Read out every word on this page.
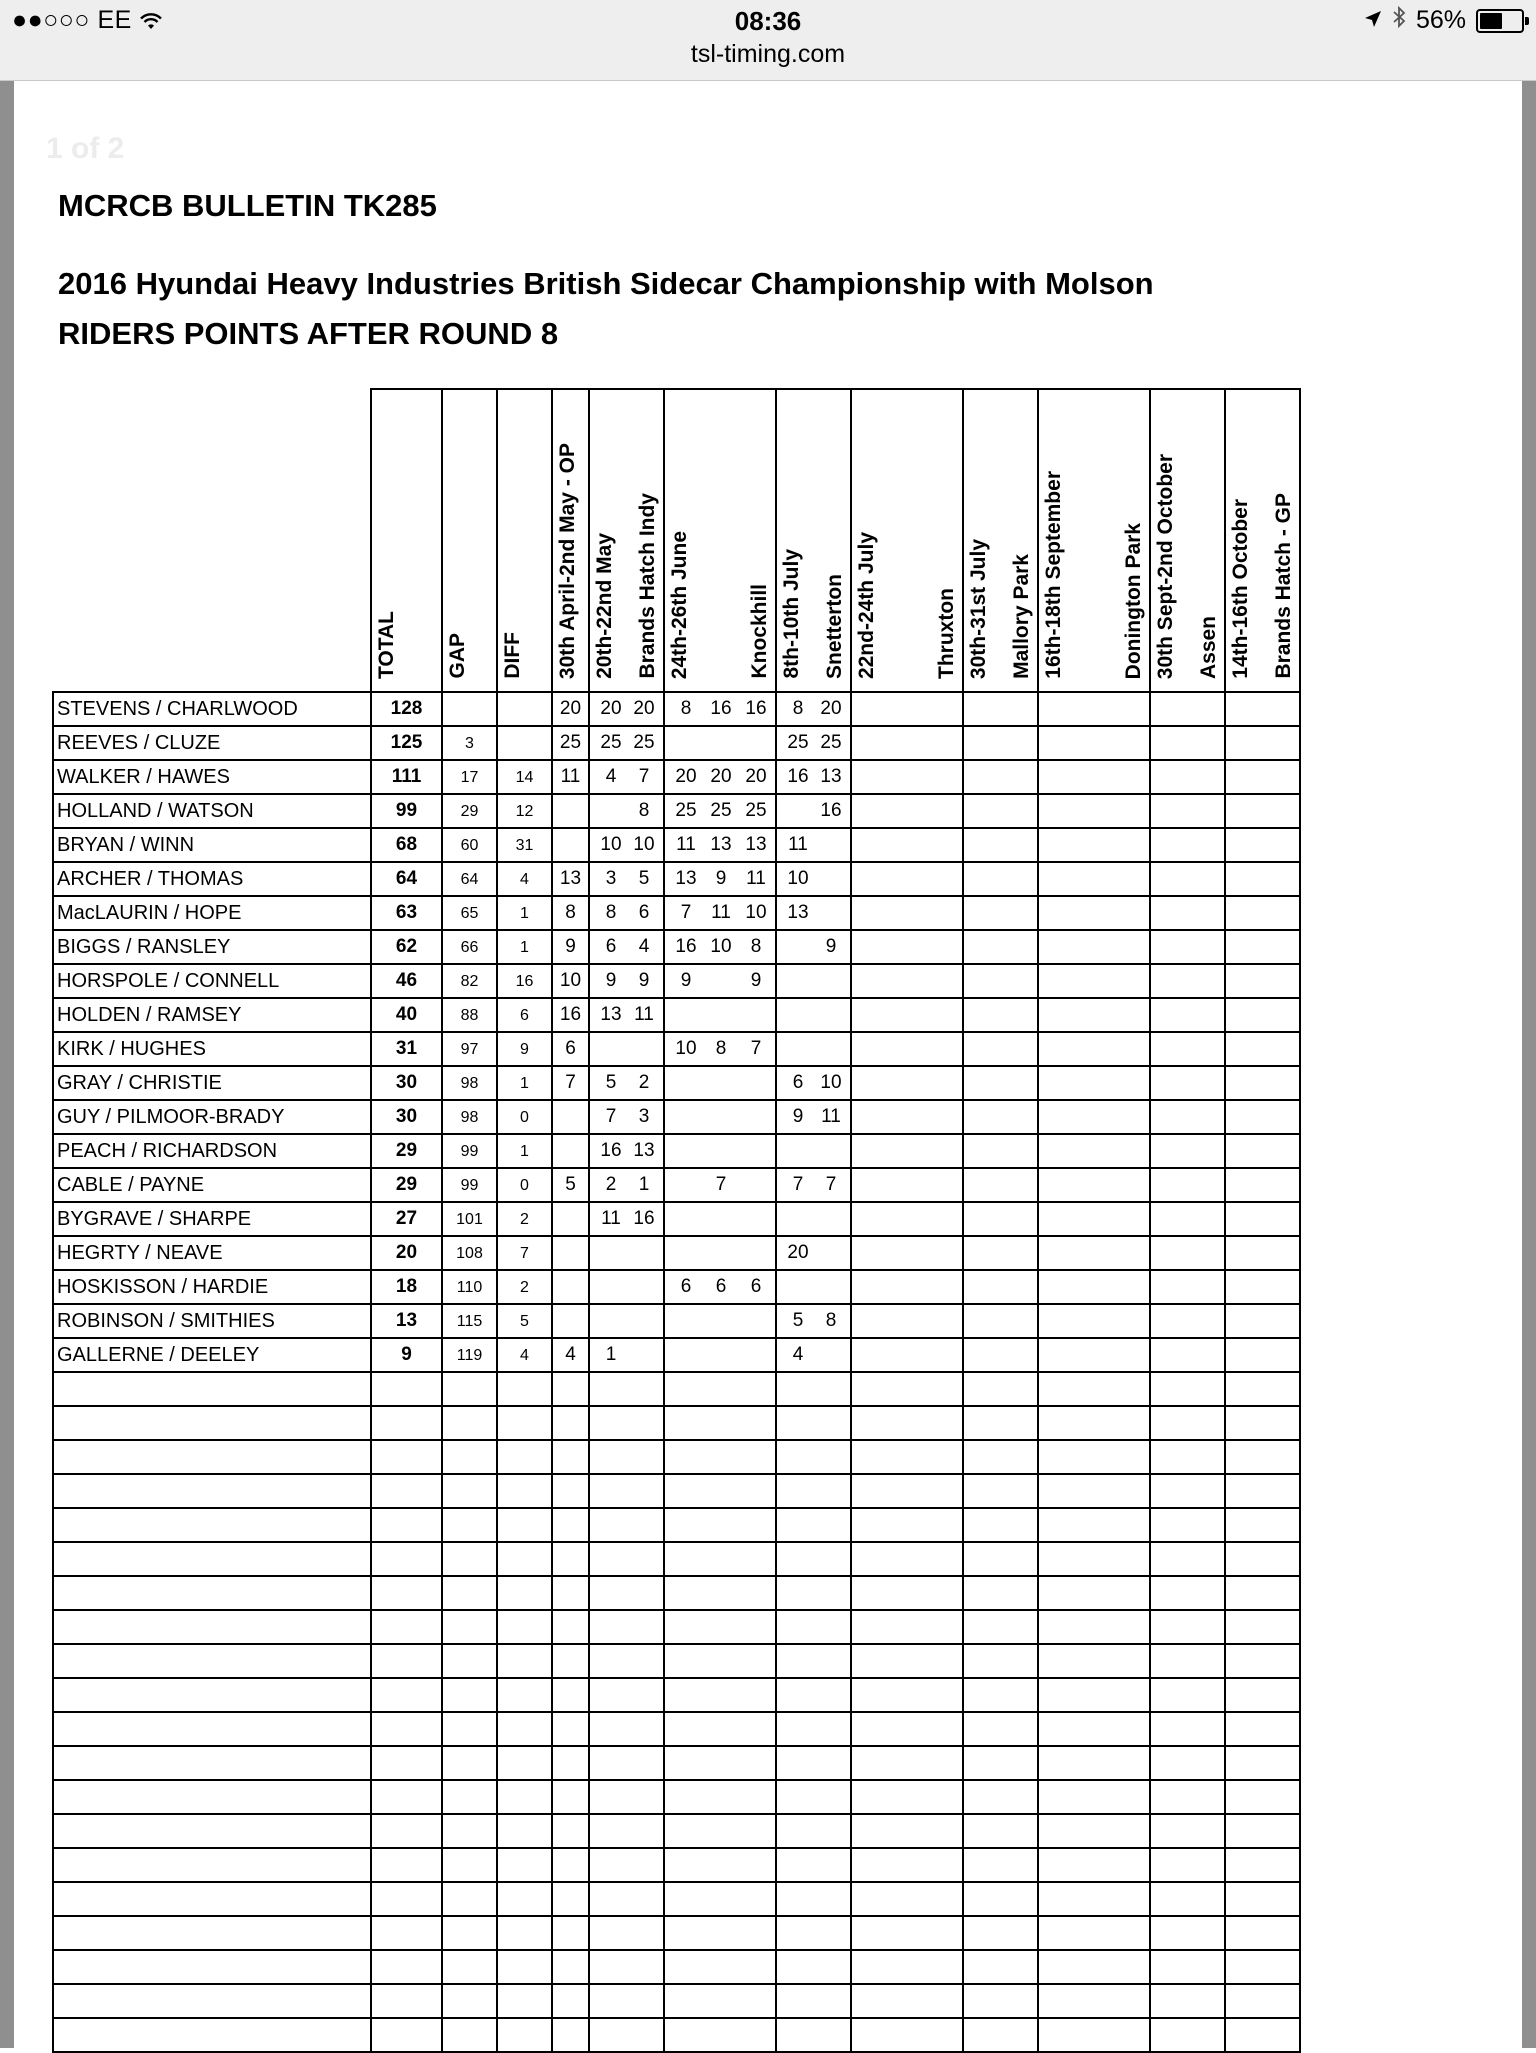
●●○○○ EE	08:36
tsl-timing.com
56%
1 of 2
MCRCB BULLETIN TK285
2016 Hyundai Heavy Industries British Sidecar Championship with Molson
RIDERS POINTS AFTER ROUND 8

	TOTAL	GAP	DIFF	30th April-2nd May - OP	20th-22nd May Brands Hatch Indy	24th-26th June Knockhill	8th-10th July Snetterton	22nd-24th July Thruxton	30th-31st July Mallory Park	16th-18th September Donington Park	30th Sept-2nd October Assen	14th-16th October Brands Hatch - GP

STEVENS / CHARLWOOD	128			20	20 20	8 16 16	8 20					

REEVES / CLUZE	125	3		25	25 25		25 25					

WALKER / HAWES	111	17	14	11	4 7	20 20 20	16 13					

HOLLAND / WATSON	99	29	12		8	25 25 25	16					

BRYAN / WINN	68	60	31		10 10	11 13 13	11					

ARCHER / THOMAS	64	64	4	13	3 5	13 9 11	10					

MacLAURIN / HOPE	63	65	1	8	8 6	7 11 10	13					

BIGGS / RANSLEY	62	66	1	9	6 4	16 10 8	9					

HORSPOLE / CONNELL	46	82	16	10	9 9	9 9						

HOLDEN / RAMSEY	40	88	6	16	13 11							

KIRK / HUGHES	31	97	9	6		10 8 7						

GRAY / CHRISTIE	30	98	1	7	5 2		6 10					

GUY / PILMOOR-BRADY	30	98	0		7 3		9 11					

PEACH / RICHARDSON	29	99	1		16 13							

CABLE / PAYNE	29	99	0	5	2 1	7	7 7					

BYGRAVE / SHARPE	27	101	2		11 16							

HEGRTY / NEAVE	20	108	7				20					

HOSKISSON / HARDIE	18	110	2			6 6 6						

ROBINSON / SMITHIES	13	115	5				5 8					

GALLERNE / DEELEY	9	119	4	4	1		4					
